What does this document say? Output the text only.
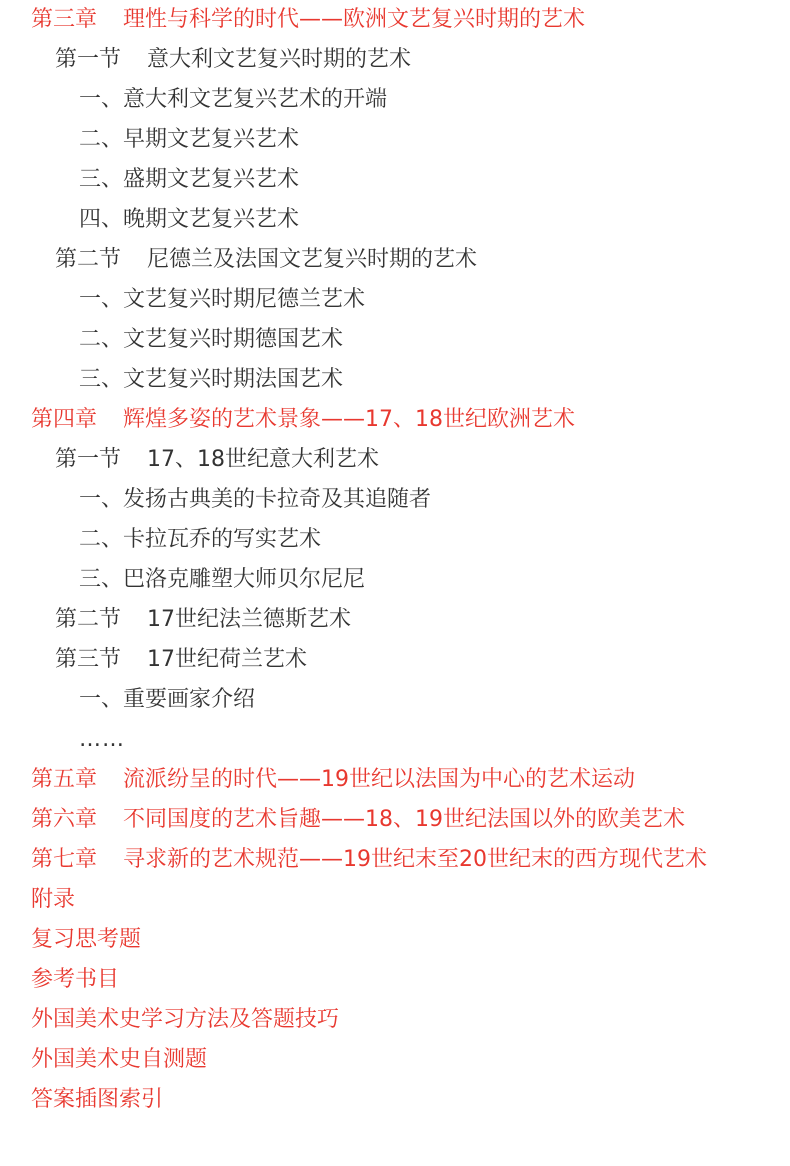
第三章 理性与科学的时代——欧洲文艺复兴时期的艺术
第一节 意大利文艺复兴时期的艺术
一、意大利文艺复兴艺术的开端
二、早期文艺复兴艺术
三、盛期文艺复兴艺术
四、晚期文艺复兴艺术
第二节 尼德兰及法国文艺复兴时期的艺术
一、文艺复兴时期尼德兰艺术
二、文艺复兴时期德国艺术
三、文艺复兴时期法国艺术
第四章 辉煌多姿的艺术景象——17、18世纪欧洲艺术
第一节 17、18世纪意大利艺术
一、发扬古典美的卡拉奇及其追随者
二、卡拉瓦乔的写实艺术
三、巴洛克雕塑大师贝尔尼尼
第二节 17世纪法兰德斯艺术
第三节 17世纪荷兰艺术
一、重要画家介绍
……
第五章 流派纷呈的时代——19世纪以法国为中心的艺术运动
第六章 不同国度的艺术旨趣——18、19世纪法国以外的欧美艺术
第七章 寻求新的艺术规范——19世纪末至20世纪末的西方现代艺术
附录
复习思考题
参考书目
外国美术史学习方法及答题技巧
外国美术史自测题
答案插图索引
